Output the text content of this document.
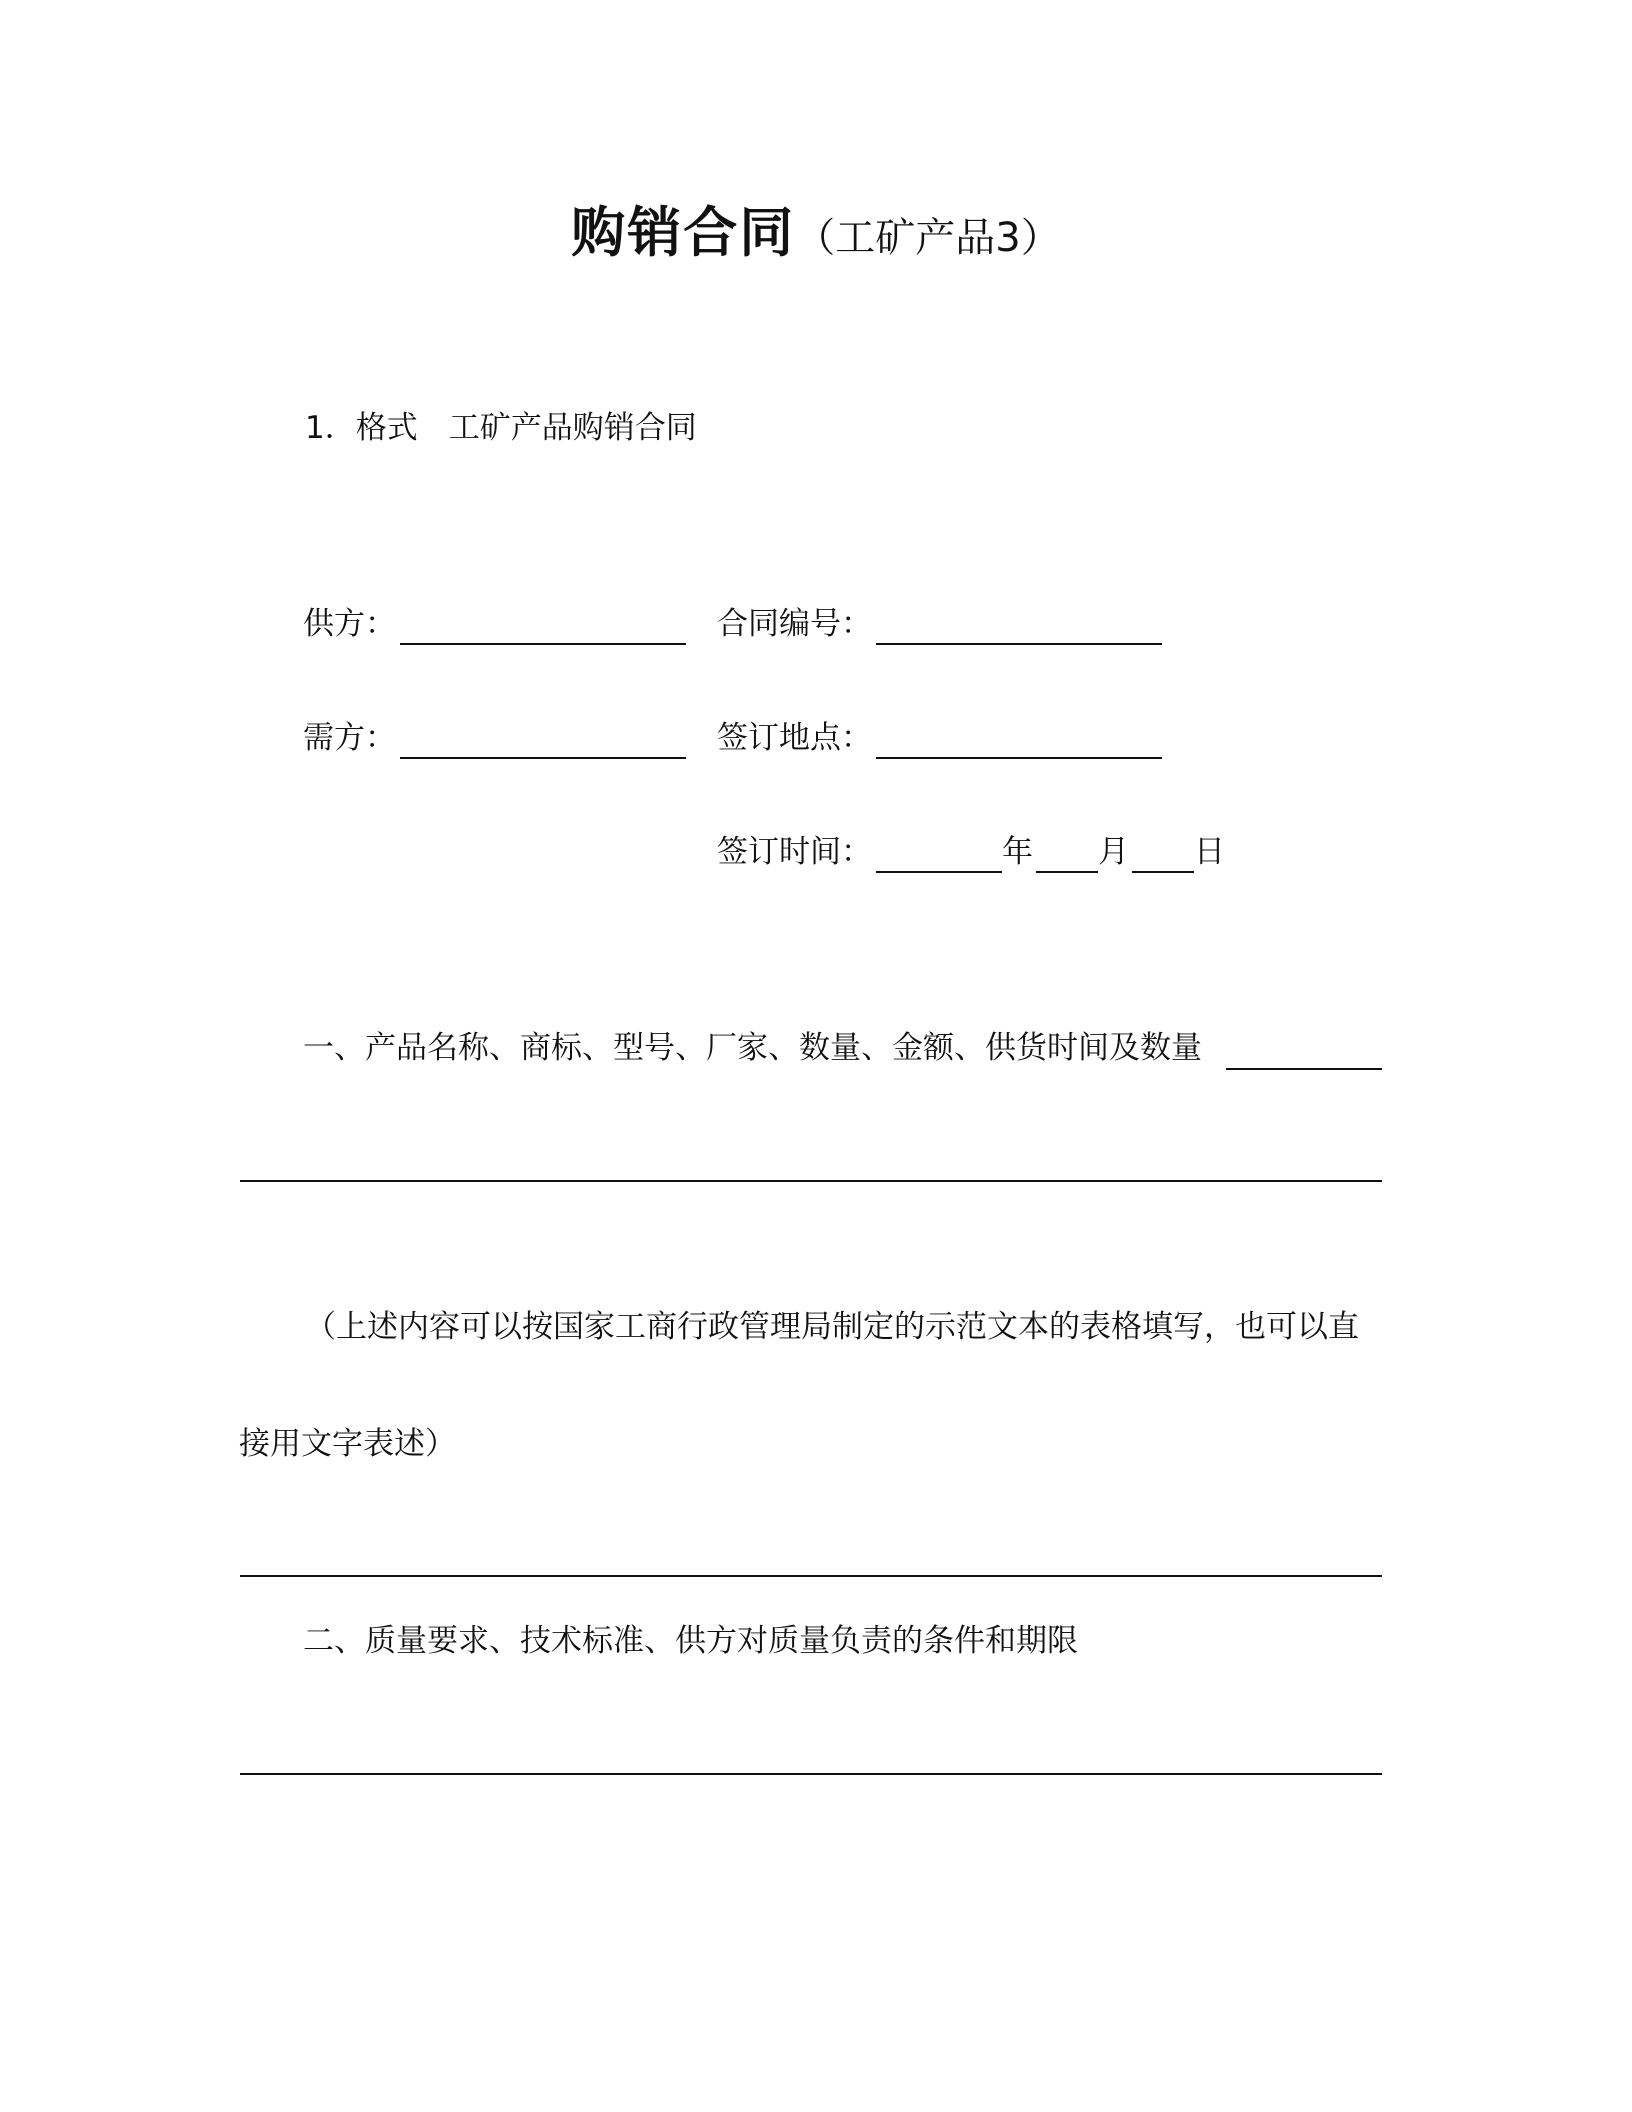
购销合同（工矿产品3）
1．格式　工矿产品购销合同
供方：	合同编号：
需方：	签订地点：
签订时间：	年 月 日
一、产品名称、商标、型号、厂家、数量、金额、供货时间及数量
（上述内容可以按国家工商行政管理局制定的示范文本的表格填写，也可以直
接用文字表述）
二、质量要求、技术标准、供方对质量负责的条件和期限
